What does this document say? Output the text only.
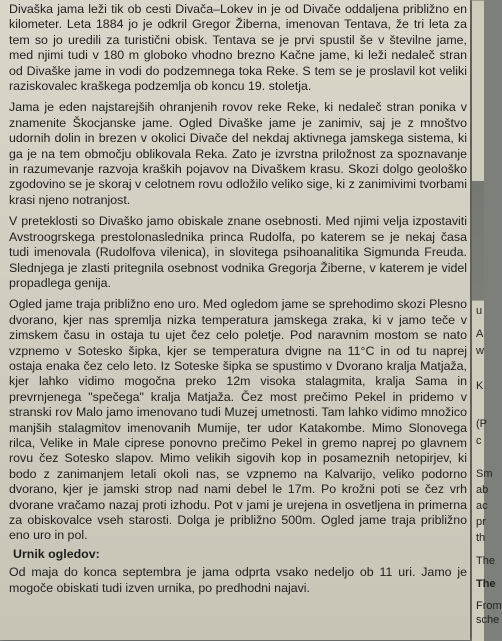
Divaška jama leži tik ob cesti Divača–Lokev in je od Divače oddaljena približno en kilometer. Leta 1884 jo je odkril Gregor Žiberna, imenovan Tentava, že tri leta za tem so jo uredili za turistični obisk. Tentava se je prvi spustil še v številne jame, med njimi tudi v 180 m globoko vhodno brezno Kačne jame, ki leži nedaleč stran od Divaške jame in vodi do podzemnega toka Reke. S tem se je proslavil kot veliki raziskovalec kraškega podzemlja ob koncu 19. stoletja.

Jama je eden najstarejših ohranjenih rovov reke Reke, ki nedaleč stran ponika v znamenite Škocjanske jame. Ogled Divaške jame je zanimiv, saj je z mnoštvo udornih dolin in brezen v okolici Divače del nekdaj aktivnega jamskega sistema, ki ga je na tem območju oblikovala Reka. Zato je izvrstna priložnost za spoznavanje in razumevanje razvoja kraških pojavov na Divaškem krasu. Skozi dolgo geološko zgodovino se je skoraj v celotnem rovu odložilo veliko sige, ki z zanimivimi tvorbami krasi njeno notranjost.

V preteklosti so Divaško jamo obiskale znane osebnosti. Med njimi velja izpostaviti Avstroogrskega prestolonaslednika princa Rudolfa, po katerem se je nekaj časa tudi imenovala (Rudolfova vilenica), in slovitega psihoanalitika Sigmunda Freuda. Slednjega je zlasti pritegnila osebnost vodnika Gregorja Žiberne, v katerem je videl propadlega genija.

Ogled jame traja približno eno uro. Med ogledom jame se sprehodimo skozi Plesno dvorano, kjer nas spremlja nizka temperatura jamskega zraka, ki v jamo teče v zimskem času in ostaja tu ujet čez celo poletje. Pod naravnim mostom se nato vzpnemo v Sotesko šipka, kjer se temperatura dvigne na 11°C in od tu naprej ostaja enaka čez celo leto. Iz Soteske šipka se spustimo v Dvorano kralja Matjaža, kjer lahko vidimo mogočna preko 12m visoka stalagmita, kralja Sama in prevrnjenega "spečega" kralja Matjaža. Čez most prečimo Pekel in pridemo v stranski rov Malo jamo imenovano tudi Muzej umetnosti. Tam lahko vidimo množico manjših stalagmitov imenovanih Mumije, ter udor Katakombe. Mimo Slonovega rilca, Velike in Male ciprese ponovno prečimo Pekel in gremo naprej po glavnem rovu čez Sotesko slapov. Mimo velikih sigovih kop in posameznih netopirjev, ki bodo z zanimanjem letali okoli nas, se vzpnemo na Kalvarijo, veliko podorno dvorano, kjer je jamski strop nad nami debel le 17m. Po krožni poti se čez vrh dvorane vračamo nazaj proti izhodu. Pot v jami je urejena in osvetljena in primerna za obiskovalce vseh starosti. Dolga je približno 500m. Ogled jame traja približno eno uro in pol.

Urnik ogledov:

Od maja do konca septembra je jama odprta vsako nedeljo ob 11 uri. Jamo je mogoče obiskati tudi izven urnika, po predhodni najavi.

u
A
w
K
(P
c
Sm
ab
ac
pr
th
The
The
From
sche
